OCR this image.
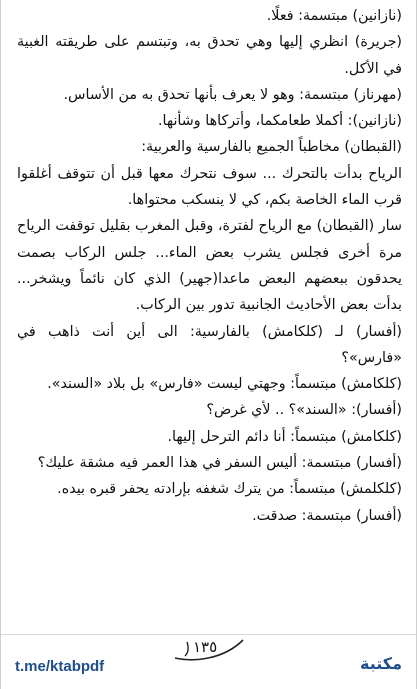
(نازانين) مبتسمة: فعلًا.

(جريرة) انظري إليها وهي تحدق به، وتبتسم على طريقته الغبية في الأكل.

(مهرناز) مبتسمة: وهو لا يعرف بأنها تحدق به من الأساس.

(نازانين): أكملا طعامكما، وأتركاها وشأنها.

(القبطان) مخاطباً الجميع بالفارسية والعربية:

الرياح بدأت بالتحرك ... سوف نتحرك معها قبل أن تتوقف أغلقوا قرب الماء الخاصة بكم، كي لا ينسكب محتواها.

سار (القبطان) مع الرياح لفترة، وقبل المغرب بقليل توقفت الرياح مرة أخرى فجلس يشرب بعض الماء... جلس الركاب بصمت يحدقون ببعضهم البعض ماعدا(جهير) الذي كان نائماً ويشخر... بدأت بعض الأحاديث الجانبية تدور بين الركاب.

(أفسار) لـ (كلكامش) بالفارسية: الى أين أنت ذاهب في «فارس»؟

(كلكامش) مبتسماً: وجهتي ليست «فارس» بل بلاد «السند».

(أفسار): «السند»؟ .. لأي غرض؟

(كلكامش) مبتسماً: أنا دائم الترحل إليها.

(أفسار) مبتسمة: أليس السفر في هذا العمر فيه مشقة عليك؟

(كلكلمش) مبتسماً: من يترك شغفه بإرادته يحفر قبره بيده.

(أفسار) مبتسمة: صدقت.

١٣٥
t.me/ktabpdf	مكتبة
